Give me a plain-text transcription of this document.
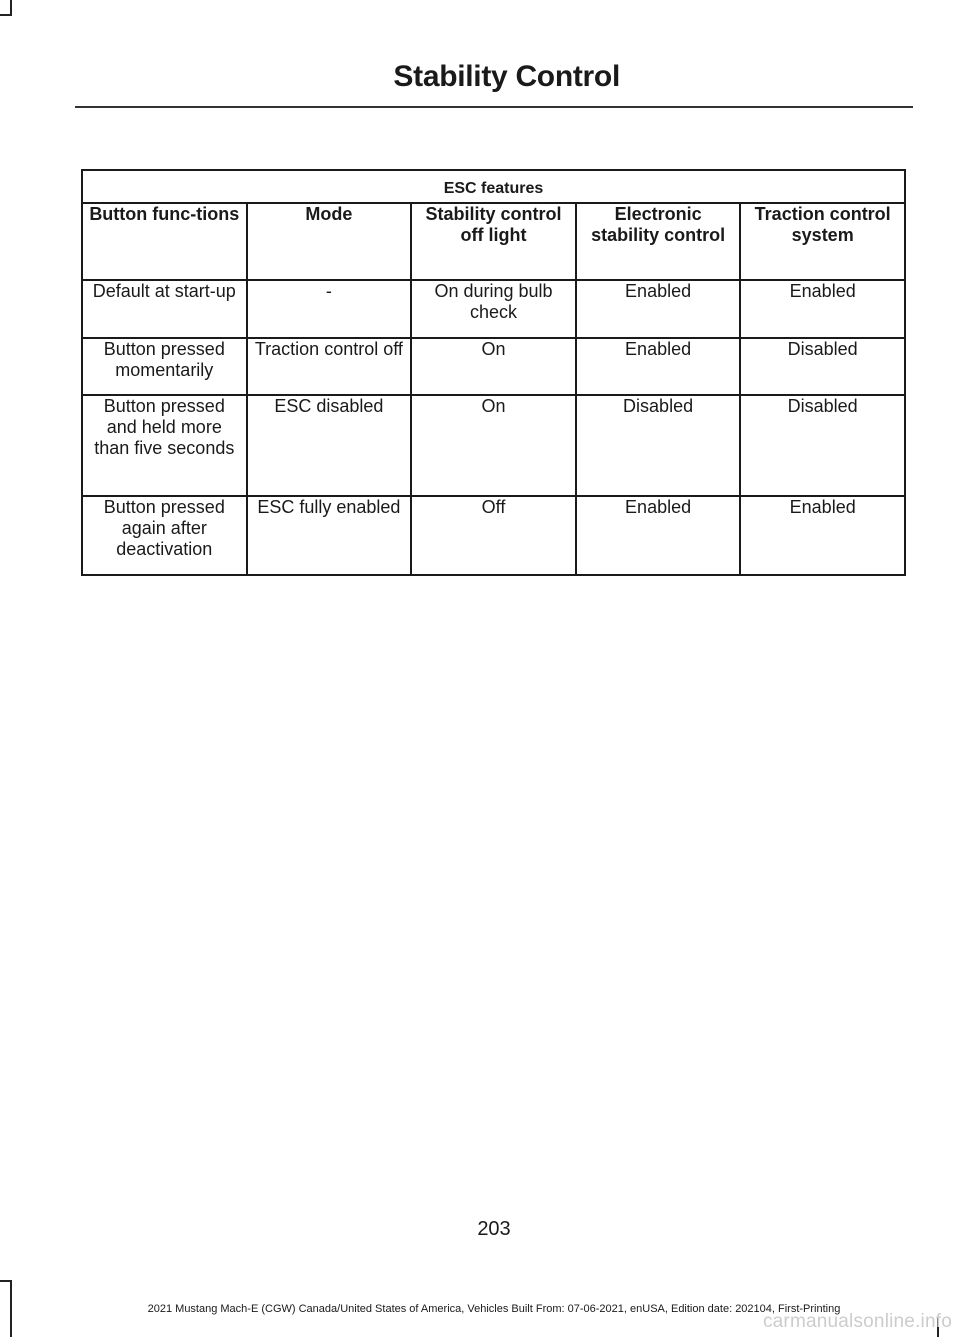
Stability Control
ESC features				
Button func-tions	Mode	Stability control off light	Electronic stability control	Traction control system
Default at start-up	-	On during bulb check	Enabled	Enabled
Button pressed momentarily	Traction control off	On	Enabled	Disabled
Button pressed and held more than five seconds	ESC disabled	On	Disabled	Disabled
Button pressed again after deactivation	ESC fully enabled	Off	Enabled	Enabled
203
2021 Mustang Mach-E (CGW) Canada/United States of America, Vehicles Built From: 07-06-2021, enUSA, Edition date: 202104, First-Printing
carmanualsonline.info
